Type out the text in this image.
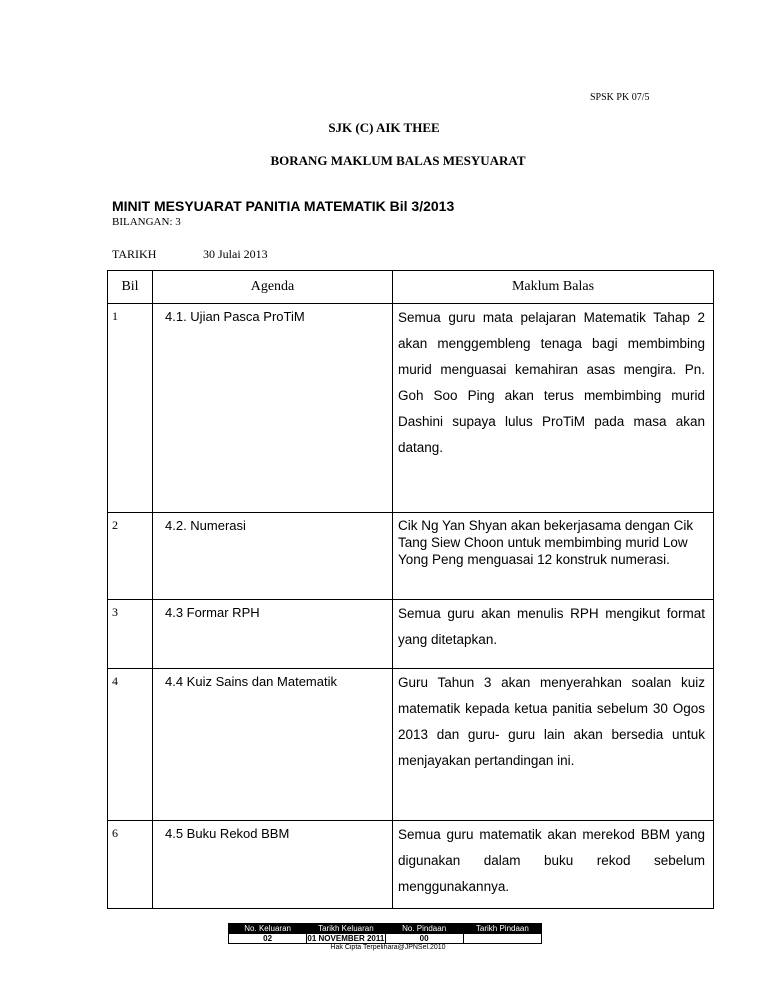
SPSK PK 07/5
SJK (C) AIK THEE
BORANG MAKLUM BALAS MESYUARAT
MINIT MESYUARAT PANITIA MATEMATIK Bil 3/2013
BILANGAN: 3
TARIKH	30 Julai 2013
Bil	Agenda	Maklum Balas
1	4.1. Ujian Pasca ProTiM	Semua guru mata pelajaran Matematik Tahap 2 akan menggembleng tenaga bagi membimbing murid menguasai kemahiran asas mengira. Pn. Goh Soo Ping akan terus membimbing murid Dashini supaya lulus ProTiM pada masa akan datang.
2	4.2. Numerasi	Cik Ng Yan Shyan akan bekerjasama dengan Cik Tang Siew Choon untuk membimbing murid Low Yong Peng menguasai 12 konstruk numerasi.
3	4.3 Formar RPH	Semua guru akan menulis RPH mengikut format yang ditetapkan.
4	4.4 Kuiz Sains dan Matematik	Guru Tahun 3 akan menyerahkan soalan kuiz matematik kepada ketua panitia sebelum 30 Ogos 2013 dan guru- guru lain akan bersedia untuk menjayakan pertandingan ini.
6	4.5 Buku Rekod BBM	Semua guru matematik akan merekod BBM yang digunakan dalam buku rekod sebelum menggunakannya.
No. Keluaran	Tarikh Keluaran	No. Pindaan	Tarikh Pindaan
02	01 NOVEMBER 2011	00	
Hak Cipta Terpelihara@JPNSel.2010
